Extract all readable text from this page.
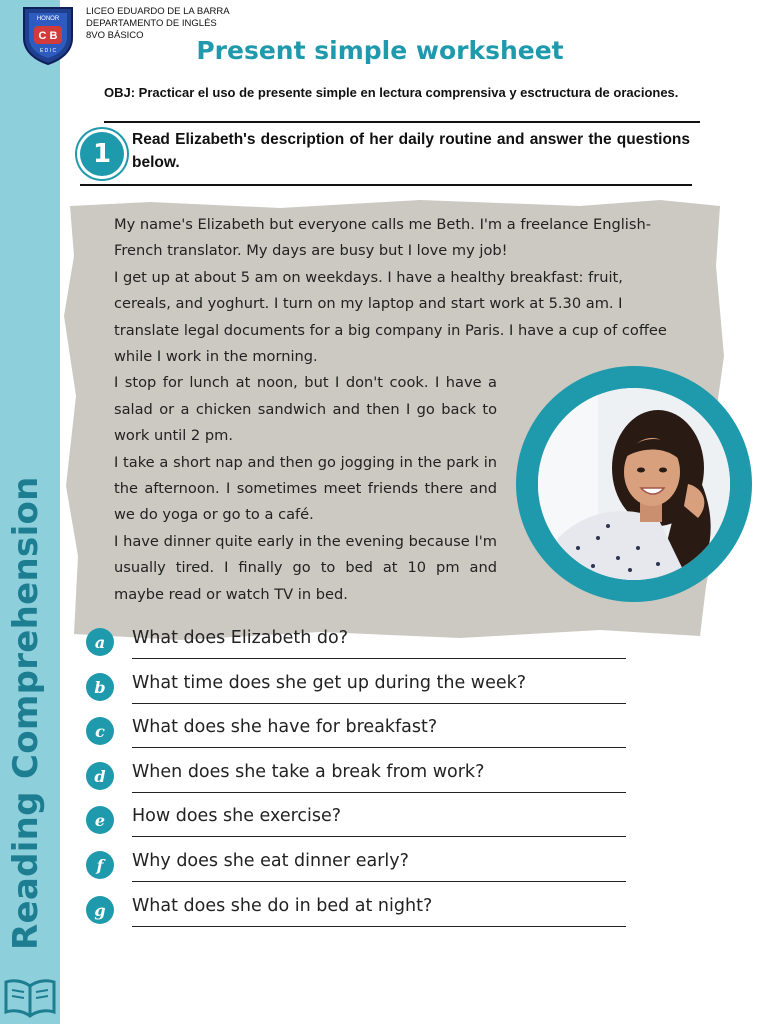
Reading Comprehension
HONOR
C B
E D I C
LICEO EDUARDO DE LA BARRA
DEPARTAMENTO DE INGLÉS
8VO BÁSICO
Present simple worksheet
OBJ: Practicar el uso de presente simple en lectura comprensiva y esctructura de oraciones.
1	Read Elizabeth's description of her daily routine and answer the questions below.

My name's Elizabeth but everyone calls me Beth. I'm a freelance English-French translator. My days are busy but I love my job!

I get up at about 5 am on weekdays. I have a healthy breakfast: fruit, cereals, and yoghurt. I turn on my laptop and start work at 5.30 am. I translate legal documents for a big company in Paris. I have a cup of coffee while I work in the morning.

I stop for lunch at noon, but I don't cook. I have a salad or a chicken sandwich and then I go back to work until 2 pm.

I take a short nap and then go jogging in the park in the afternoon. I sometimes meet friends there and we do yoga or go to a café.

I have dinner quite early in the evening because I'm usually tired. I finally go to bed at 10 pm and maybe read or watch TV in bed.

a	What does Elizabeth do?
b	What time does she get up during the week?
c	What does she have for breakfast?
d	When does she take a break from work?
e	How does she exercise?
f	Why does she eat dinner early?
g	What does she do in bed at night?
